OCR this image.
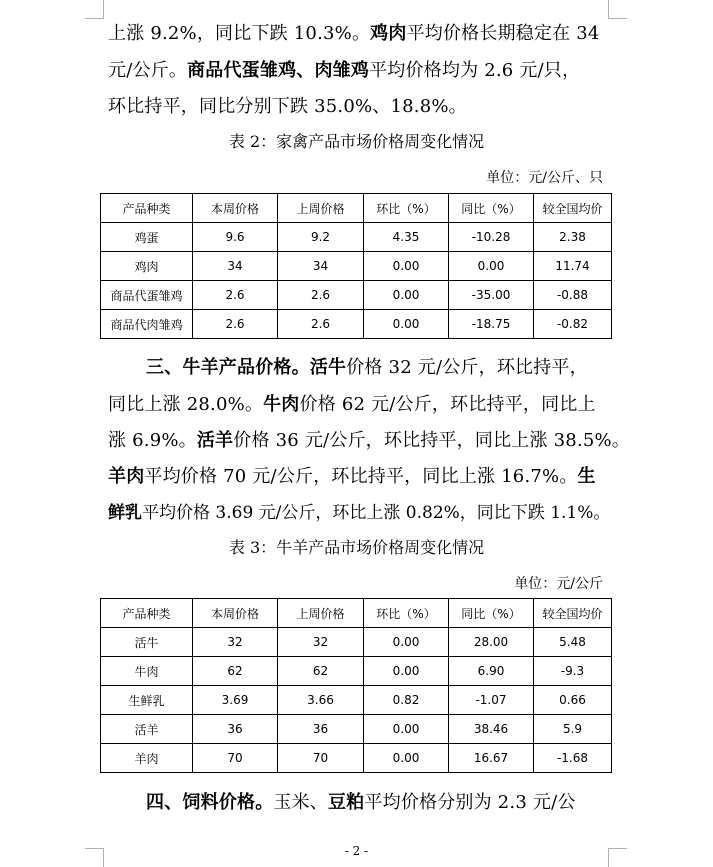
上涨 9.2%，同比下跌 10.3%。鸡肉平均价格长期稳定在 34
元/公斤。商品代蛋雏鸡、肉雏鸡平均价格均为 2.6 元/只，
环比持平，同比分别下跌 35.0%、18.8%。
表 2：家禽产品市场价格周变化情况
单位：元/公斤、只
产品种类	本周价格	上周价格	环比（%）	同比（%）	较全国均价
鸡蛋	9.6	9.2	4.35	-10.28	2.38
鸡肉	34	34	0.00	0.00	11.74
商品代蛋雏鸡	2.6	2.6	0.00	-35.00	-0.88
商品代肉雏鸡	2.6	2.6	0.00	-18.75	-0.82
三、牛羊产品价格。活牛价格 32 元/公斤，环比持平，
同比上涨 28.0%。牛肉价格 62 元/公斤，环比持平，同比上
涨 6.9%。活羊价格 36 元/公斤，环比持平，同比上涨 38.5%。
羊肉平均价格 70 元/公斤，环比持平，同比上涨 16.7%。生
鲜乳平均价格 3.69 元/公斤，环比上涨 0.82%，同比下跌 1.1%。
表 3：牛羊产品市场价格周变化情况
单位：元/公斤
产品种类	本周价格	上周价格	环比（%）	同比（%）	较全国均价
活牛	32	32	0.00	28.00	5.48
牛肉	62	62	0.00	6.90	-9.3
生鲜乳	3.69	3.66	0.82	-1.07	0.66
活羊	36	36	0.00	38.46	5.9
羊肉	70	70	0.00	16.67	-1.68
四、饲料价格。玉米、豆粕平均价格分别为 2.3 元/公
- 2 -
